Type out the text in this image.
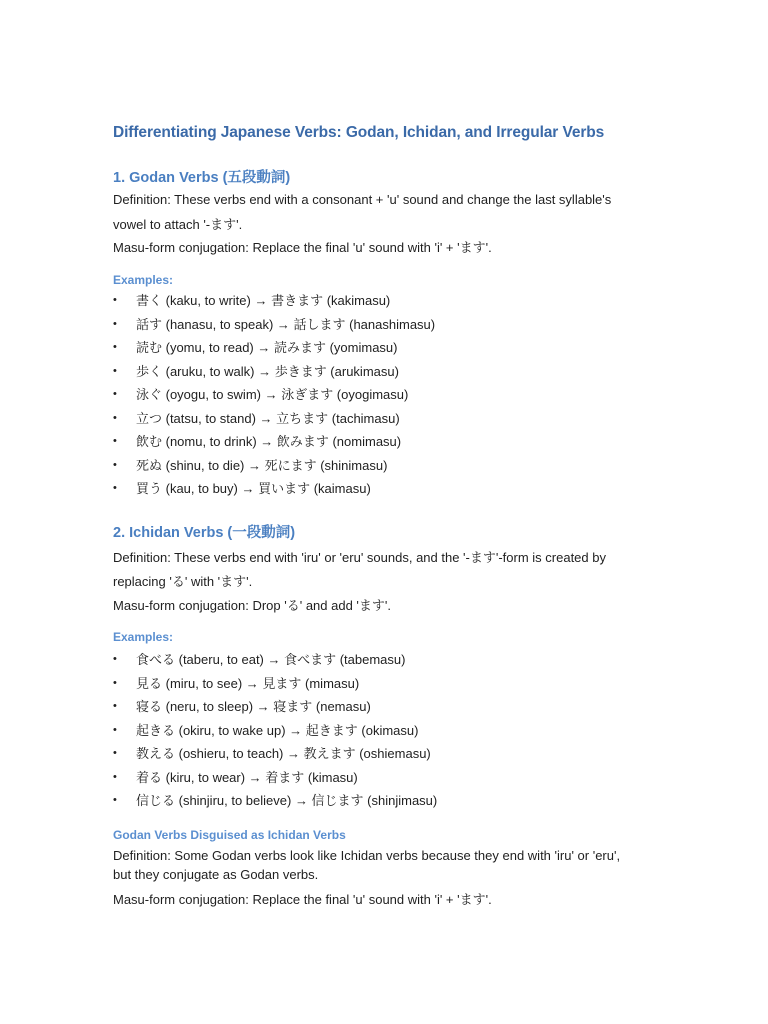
Differentiating Japanese Verbs: Godan, Ichidan, and Irregular Verbs
1. Godan Verbs (五段動詞)

Definition: These verbs end with a consonant + 'u' sound and change the last syllable's

vowel to attach '-ます'.

Masu-form conjugation: Replace the final 'u' sound with 'i' + 'ます'.

Examples:
• 書く (kaku, to write) → 書きます (kakimasu)
• 話す (hanasu, to speak) → 話します (hanashimasu)
• 読む (yomu, to read) → 読みます (yomimasu)
• 歩く (aruku, to walk) → 歩きます (arukimasu)
• 泳ぐ (oyogu, to swim) → 泳ぎます (oyogimasu)
• 立つ (tatsu, to stand) → 立ちます (tachimasu)
• 飲む (nomu, to drink) → 飲みます (nomimasu)
• 死ぬ (shinu, to die) → 死にます (shinimasu)
• 買う (kau, to buy) → 買います (kaimasu)
2. Ichidan Verbs (一段動詞)

Definition: These verbs end with 'iru' or 'eru' sounds, and the '-ます'-form is created by

replacing 'る' with 'ます'.

Masu-form conjugation: Drop 'る' and add 'ます'.

Examples:
• 食べる (taberu, to eat) → 食べます (tabemasu)
• 見る (miru, to see) → 見ます (mimasu)
• 寝る (neru, to sleep) → 寝ます (nemasu)
• 起きる (okiru, to wake up) → 起きます (okimasu)
• 教える (oshieru, to teach) → 教えます (oshiemasu)
• 着る (kiru, to wear) → 着ます (kimasu)
• 信じる (shinjiru, to believe) → 信じます (shinjimasu)
Godan Verbs Disguised as Ichidan Verbs

Definition: Some Godan verbs look like Ichidan verbs because they end with 'iru' or 'eru',

but they conjugate as Godan verbs.

Masu-form conjugation: Replace the final 'u' sound with 'i' + 'ます'.
